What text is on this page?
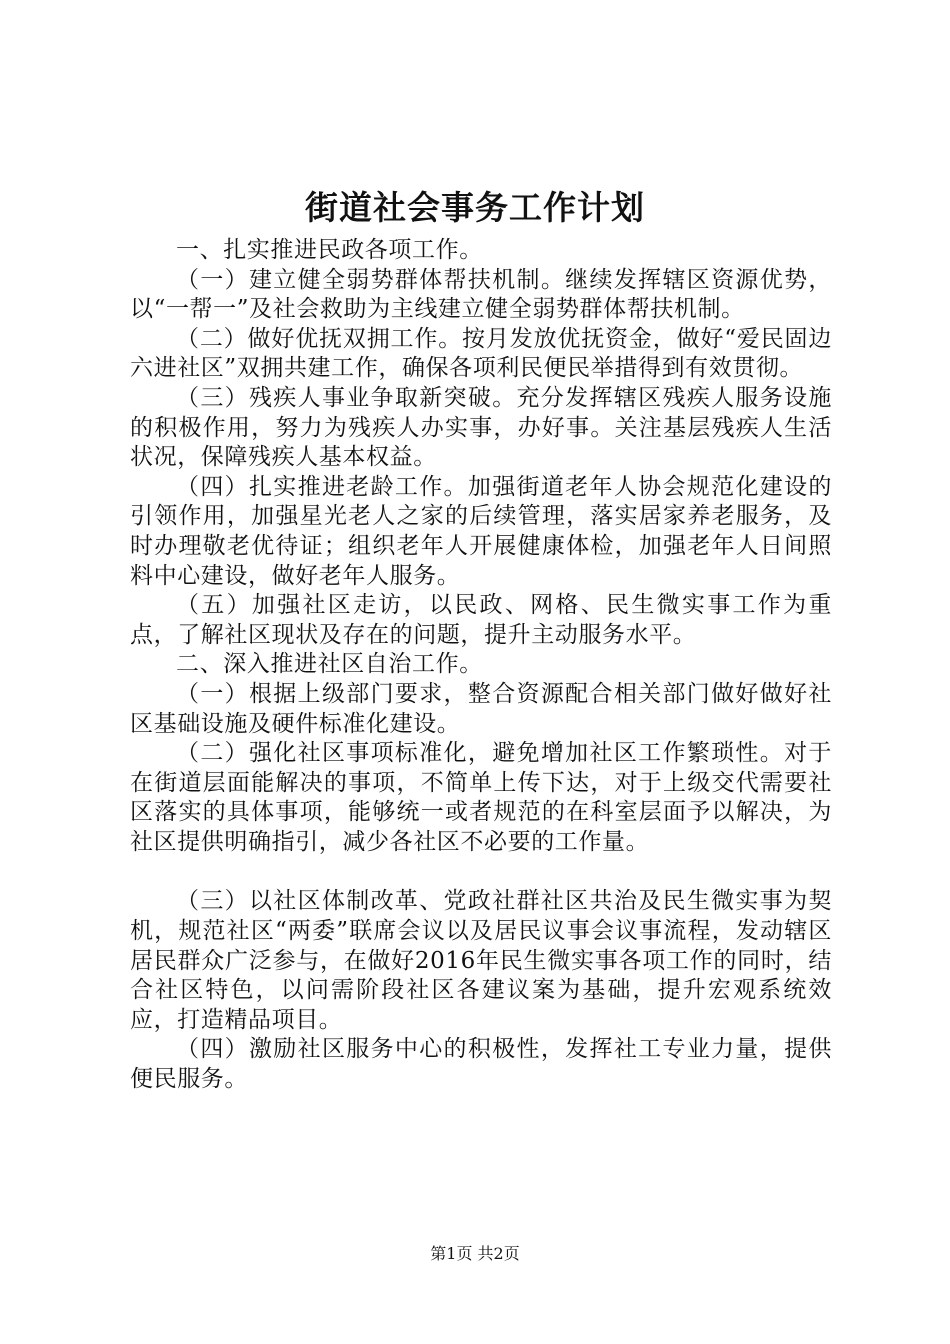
街道社会事务工作计划

一、扎实推进民政各项工作。

（一）建立健全弱势群体帮扶机制。继续发挥辖区资源优势，以“一帮一”及社会救助为主线建立健全弱势群体帮扶机制。

（二）做好优抚双拥工作。按月发放优抚资金，做好“爱民固边六进社区”双拥共建工作，确保各项利民便民举措得到有效贯彻。

（三）残疾人事业争取新突破。充分发挥辖区残疾人服务设施的积极作用，努力为残疾人办实事，办好事。关注基层残疾人生活状况，保障残疾人基本权益。

（四）扎实推进老龄工作。加强街道老年人协会规范化建设的引领作用，加强星光老人之家的后续管理，落实居家养老服务，及时办理敬老优待证；组织老年人开展健康体检，加强老年人日间照料中心建设，做好老年人服务。

（五）加强社区走访，以民政、网格、民生微实事工作为重点，了解社区现状及存在的问题，提升主动服务水平。

二、深入推进社区自治工作。

（一）根据上级部门要求，整合资源配合相关部门做好做好社区基础设施及硬件标准化建设。

（二）强化社区事项标准化，避免增加社区工作繁琐性。对于在街道层面能解决的事项，不简单上传下达，对于上级交代需要社区落实的具体事项，能够统一或者规范的在科室层面予以解决，为社区提供明确指引，减少各社区不必要的工作量。

（三）以社区体制改革、党政社群社区共治及民生微实事为契机，规范社区“两委”联席会议以及居民议事会议事流程，发动辖区居民群众广泛参与，在做好2016年民生微实事各项工作的同时，结合社区特色，以问需阶段社区各建议案为基础，提升宏观系统效应，打造精品项目。

（四）激励社区服务中心的积极性，发挥社工专业力量，提供便民服务。

第1页 共2页
